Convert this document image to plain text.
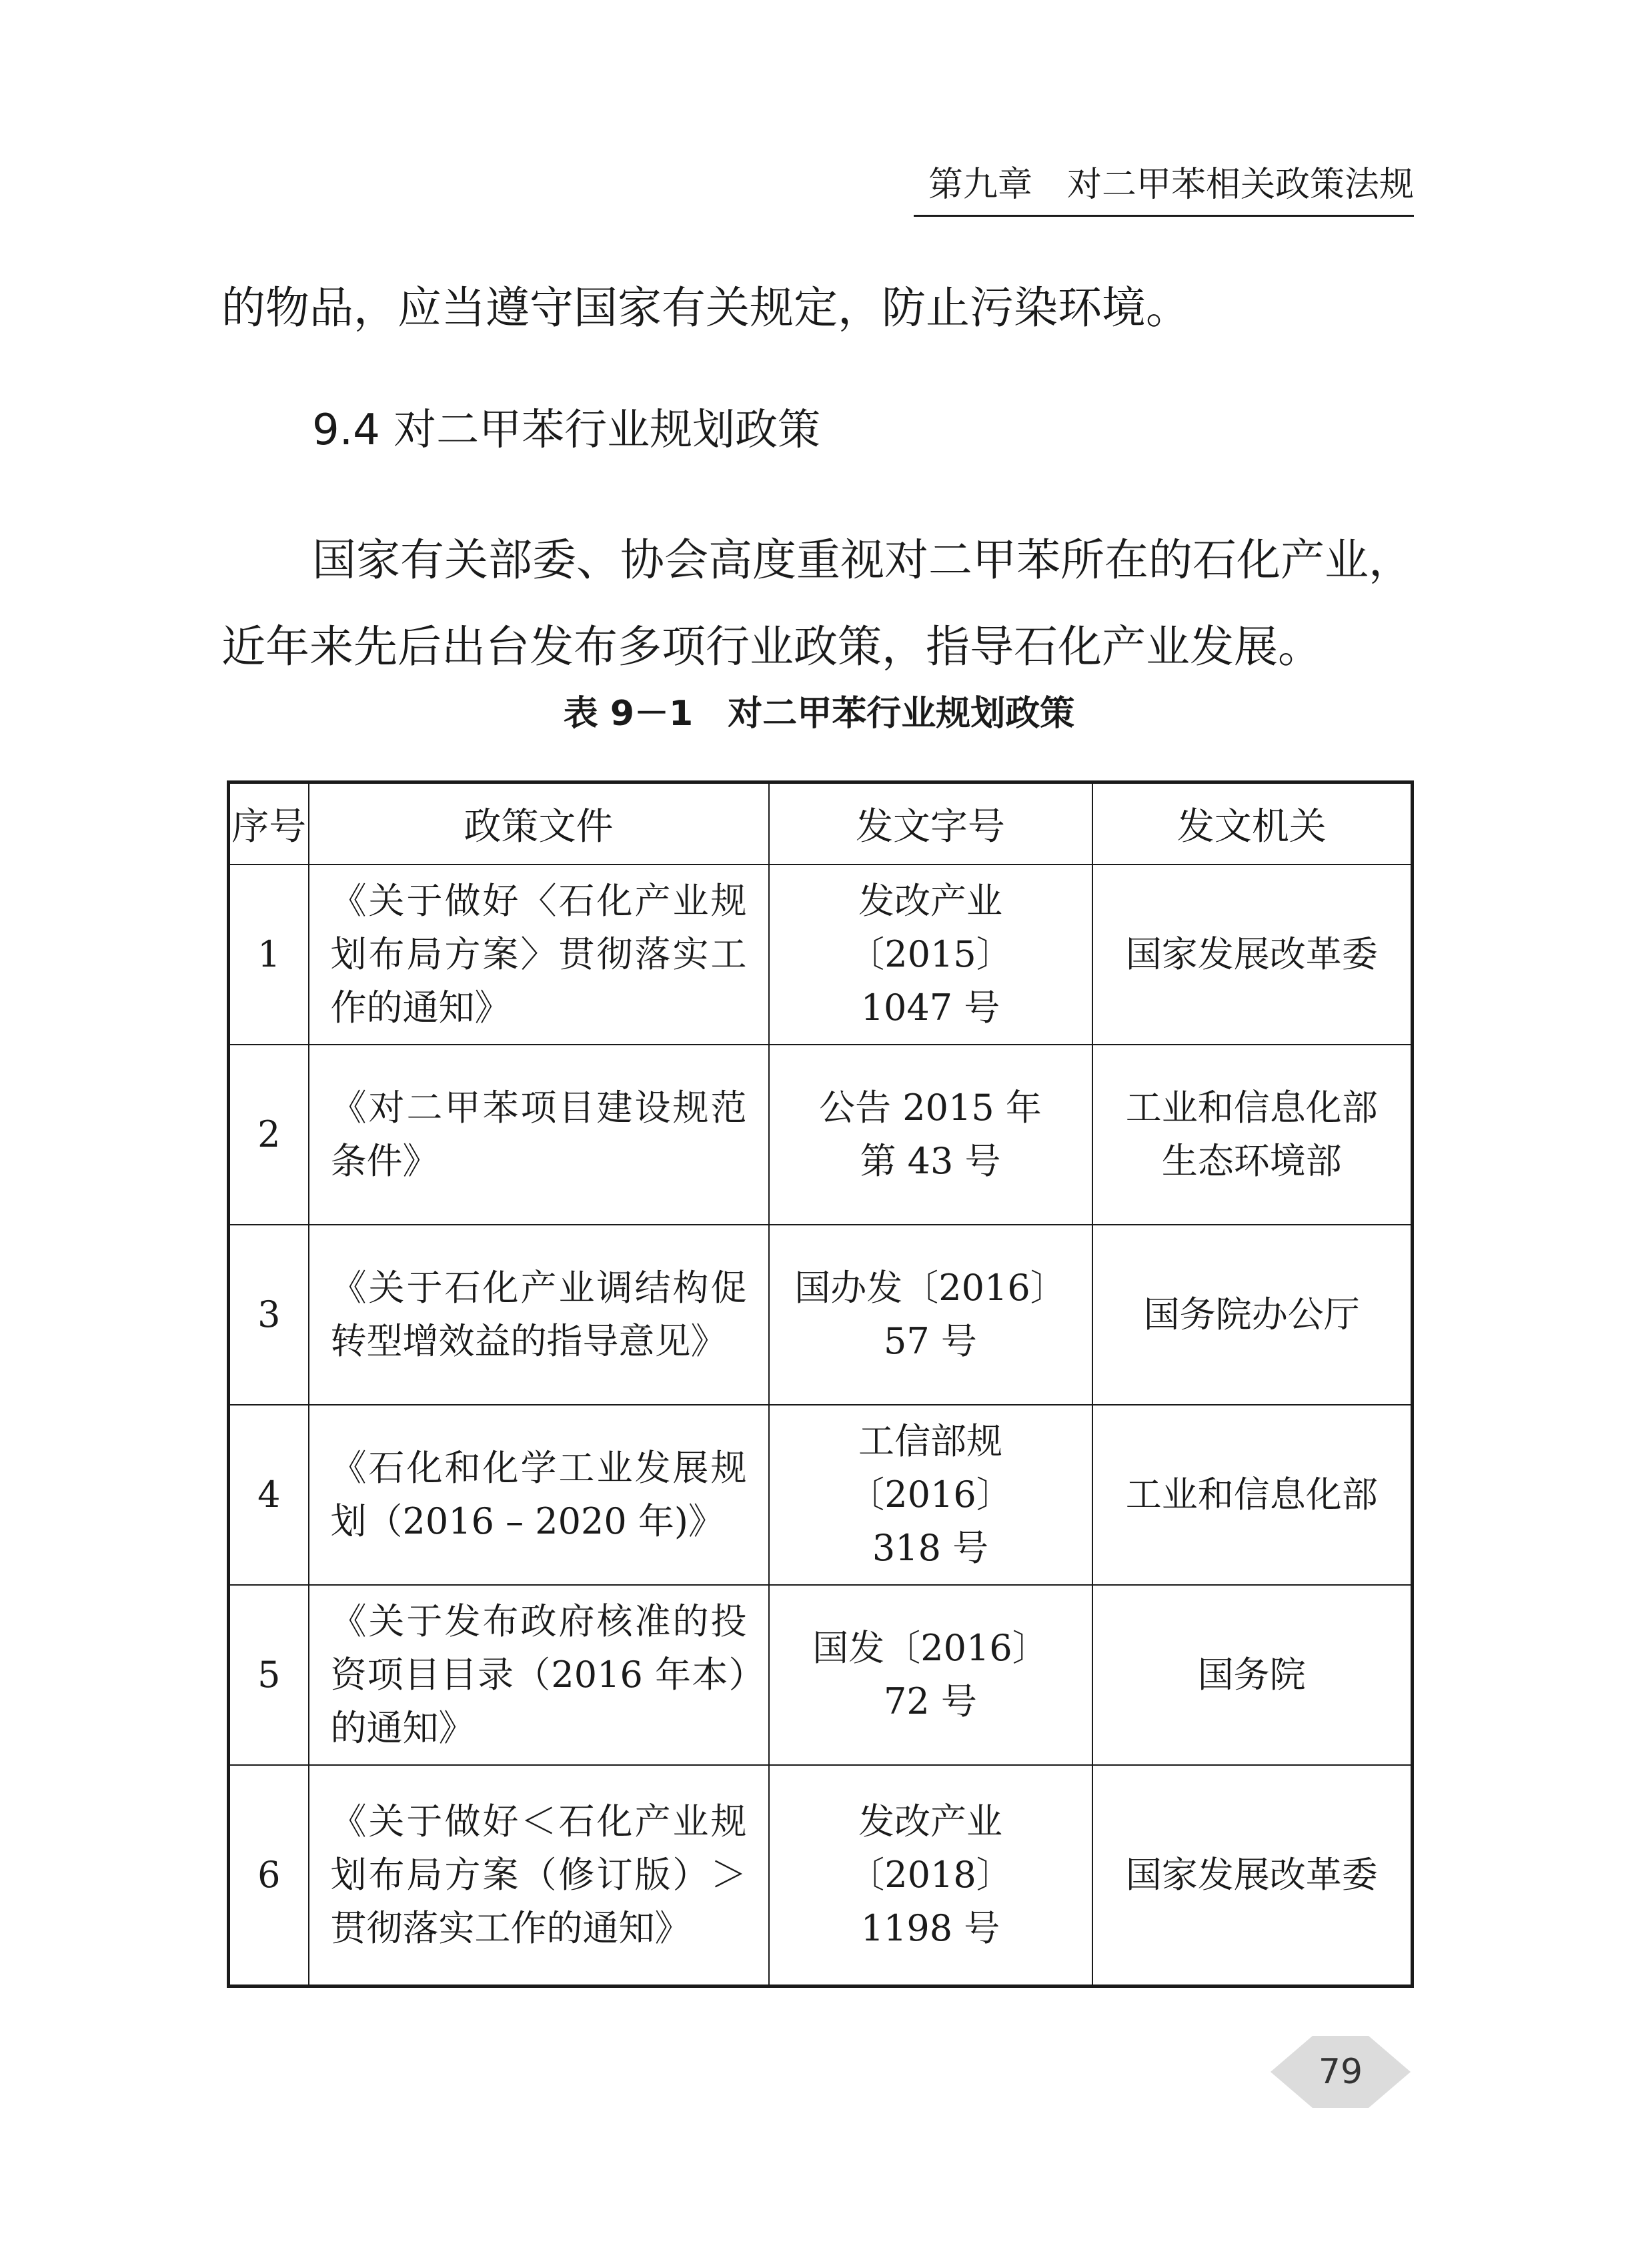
第九章　对二甲苯相关政策法规

的物品，应当遵守国家有关规定，防止污染环境。

9.4 对二甲苯行业规划政策

国家有关部委、协会高度重视对二甲苯所在的石化产业，近年来先后出台发布多项行业政策，指导石化产业发展。

表 9－1　对二甲苯行业规划政策
序号	政策文件	发文字号	发文机关

1	《关于做好〈石化产业规划布局方案〉贯彻落实工作的通知》	发改产业〔2015〕
1047 号	国家发展改革委

2	《对二甲苯项目建设规范条件》	公告 2015 年
第 43 号	工业和信息化部
生态环境部

3	《关于石化产业调结构促转型增效益的指导意见》	国办发〔2016〕
57 号	国务院办公厅

4	《石化和化学工业发展规划（2016 – 2020 年)》	工信部规〔2016〕
318 号	工业和信息化部

5	《关于发布政府核准的投资项目目录（2016 年本）的通知》	国发〔2016〕
72 号	国务院

6	《关于做好＜石化产业规划布局方案（修订版）＞贯彻落实工作的通知》	发改产业〔2018〕
1198 号	国家发展改革委
79
